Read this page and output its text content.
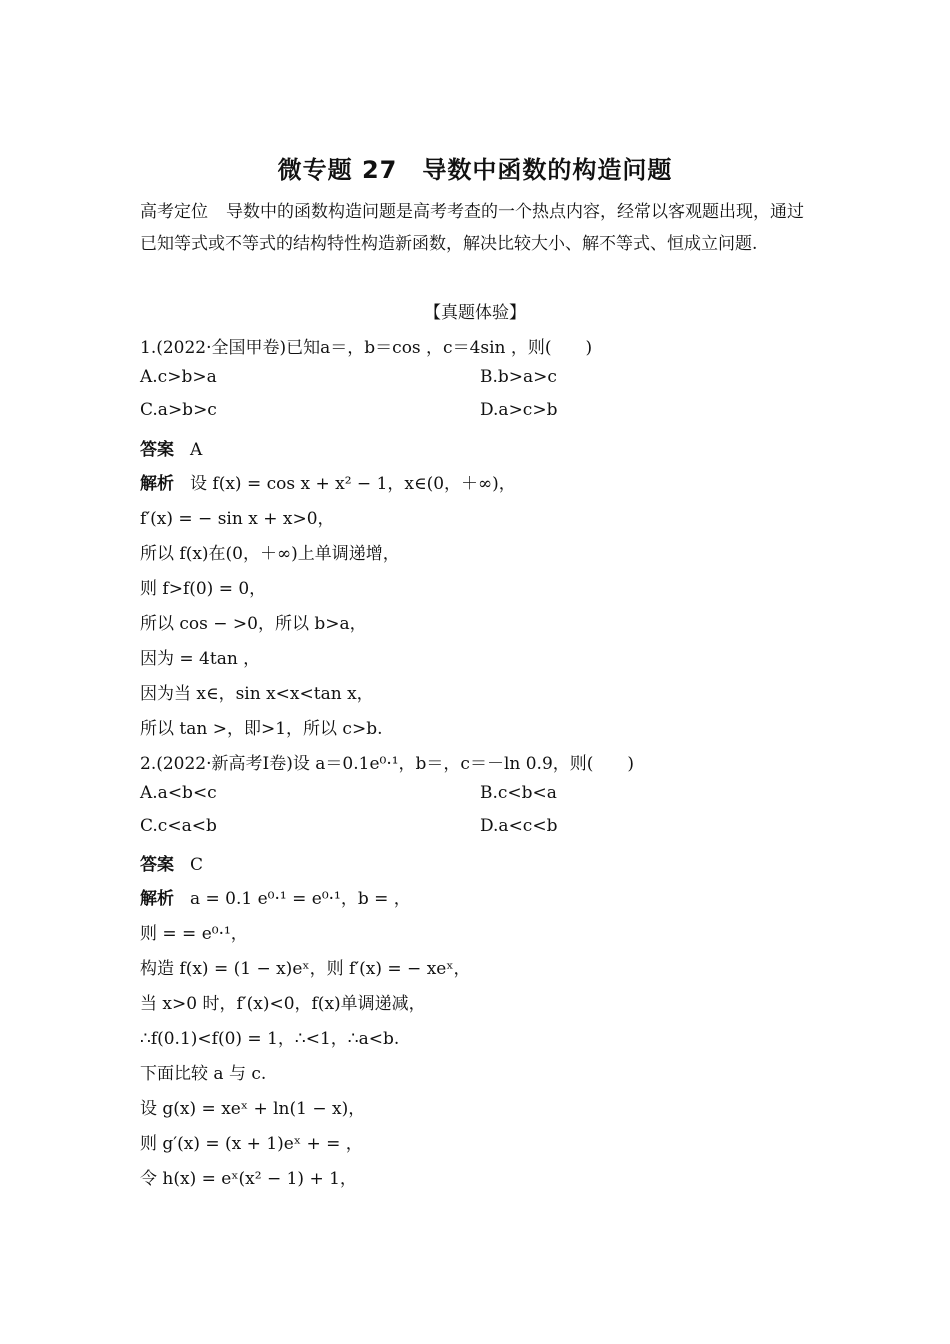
微专题 27　导数中函数的构造问题
高考定位 导数中的函数构造问题是高考考查的一个热点内容，经常以客观题出现，通过已知等式或不等式的结构特性构造新函数，解决比较大小、解不等式、恒成立问题.
【真题体验】
1.(2022·全国甲卷)已知a＝，b＝cos ，c＝4sin ，则(　　)
A.c>b>a	B.b>a>c
C.a>b>c	D.a>c>b
答案 A
解析 设 f(x) = cos x + x² − 1，x∈(0，＋∞)，
f′(x) = − sin x + x>0，
所以 f(x)在(0，＋∞)上单调递增，
则 f>f(0) = 0，
所以 cos − >0，所以 b>a，
因为 = 4tan ，
因为当 x∈，sin x<x<tan x，
所以 tan >，即>1，所以 c>b.
2.(2022·新高考Ⅰ卷)设 a＝0.1e⁰·¹，b＝，c＝－ln 0.9，则(　　)
A.a<b<c	B.c<b<a
C.c<a<b	D.a<c<b
答案 C
解析 a = 0.1 e⁰·¹ = e⁰·¹，b = ，
则 = = e⁰·¹，
构造 f(x) = (1 − x)eˣ，则 f′(x) = − xeˣ，
当 x>0 时，f′(x)<0，f(x)单调递减，
∴f(0.1)<f(0) = 1，∴<1，∴a<b.
下面比较 a 与 c.
设 g(x) = xeˣ + ln(1 − x)，
则 g′(x) = (x + 1)eˣ + = ，
令 h(x) = eˣ(x² − 1) + 1，
